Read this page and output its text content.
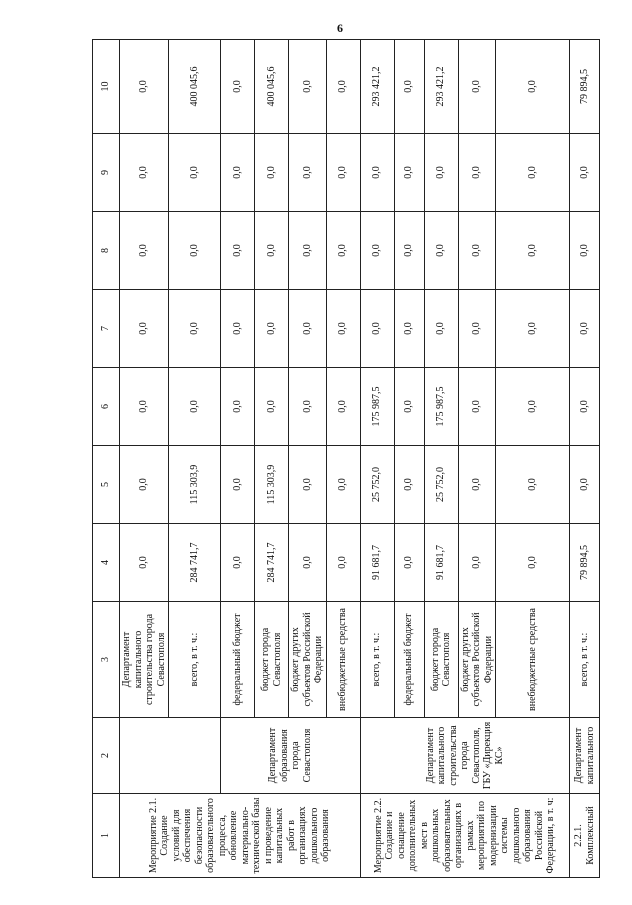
6
1	2	3	4	5	6	7	8	9	10
Мероприятие 2.1. Создание условий для обеспечения безопасности образовательного процесса, обновление материально-технической базы и проведение капитальных работ в организациях дошкольного образования		Департамент капитального строительства города Севастополя	0,0	0,0	0,0	0,0	0,0	0,0	0,0
		всего, в т. ч.:	284 741,7	115 303,9	0,0	0,0	0,0	0,0	400 045,6
	Департамент образования города Севастополя	федеральный бюджет	0,0	0,0	0,0	0,0	0,0	0,0	0,0
		бюджет города Севастополя	284 741,7	115 303,9	0,0	0,0	0,0	0,0	400 045,6
		бюджет других субъектов Российской Федерации	0,0	0,0	0,0	0,0	0,0	0,0	0,0
		внебюджетные средства	0,0	0,0	0,0	0,0	0,0	0,0	0,0
Мероприятие 2.2. Создание и оснащение дополнительных мест в дошкольных образовательных организациях в рамках мероприятий по модернизации системы дошкольного образования Российской Федерации, в т. ч:	Департамент капитального строительства города Севастополя, ГБУ «Дирекция КС»	всего, в т. ч.:	91 681,7	25 752,0	175 987,5	0,0	0,0	0,0	293 421,2
		федеральный бюджет	0,0	0,0	0,0	0,0	0,0	0,0	0,0
		бюджет города Севастополя	91 681,7	25 752,0	175 987,5	0,0	0,0	0,0	293 421,2
		бюджет других субъектов Российской Федерации	0,0	0,0	0,0	0,0	0,0	0,0	0,0
		внебюджетные средства	0,0	0,0	0,0	0,0	0,0	0,0	0,0
2.2.1. Комплексный	Департамент капитального	всего, в т. ч.:	79 894,5	0,0	0,0	0,0	0,0	0,0	79 894,5
